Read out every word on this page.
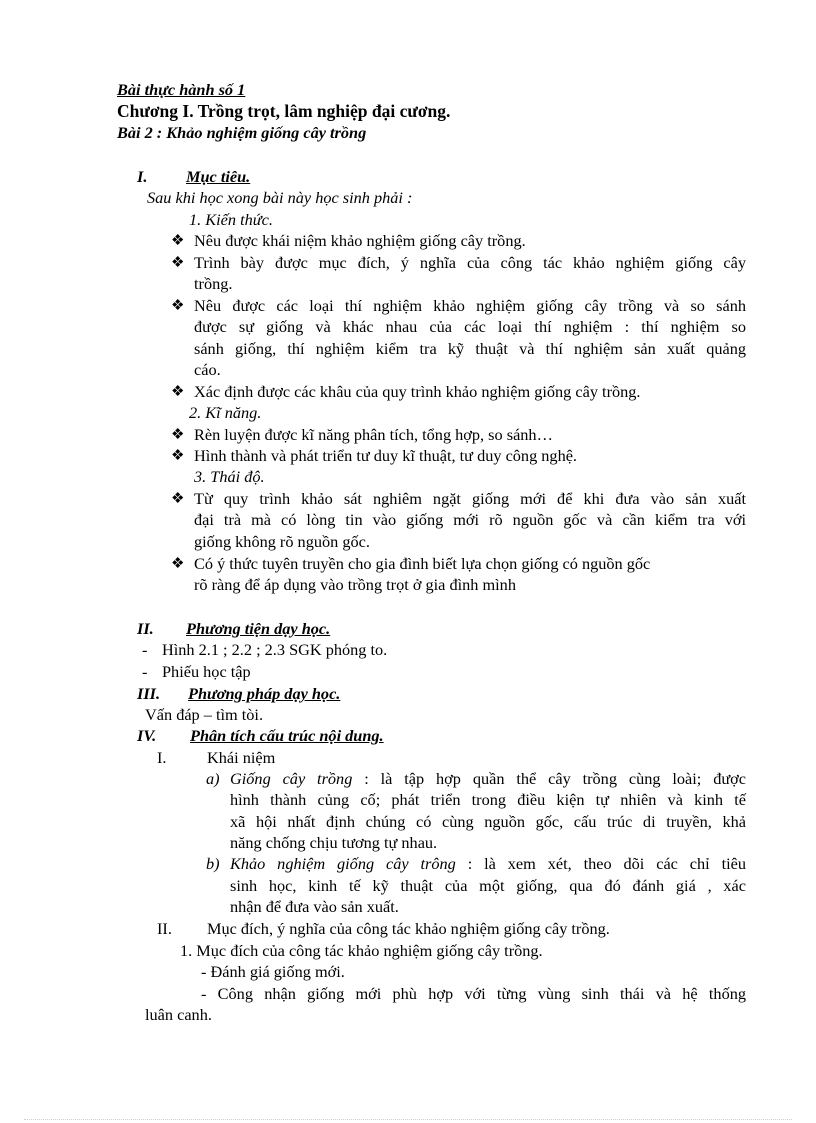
Bài thực hành số 1
Chương I. Trồng trọt, lâm nghiệp đại cương.
Bài 2 : Khảo nghiệm giống cây trồng
I. Mục tiêu.
Sau khi học xong bài này học sinh phải :
1. Kiến thức.
❖ Nêu được khái niệm khảo nghiệm giống cây trồng.
❖ Trình bày được mục đích, ý nghĩa của công tác khảo nghiệm giống cây
trồng.
❖ Nêu được các loại thí nghiệm khảo nghiệm giống cây trồng và so sánh
được sự giống và khác nhau của các loại thí nghiệm : thí nghiệm so
sánh giống, thí nghiệm kiểm tra kỹ thuật và thí nghiệm sản xuất quảng
cáo.
❖ Xác định được các khâu của quy trình khảo nghiệm giống cây trồng.
2. Kĩ năng.
❖ Rèn luyện được kĩ năng phân tích, tổng hợp, so sánh…
❖ Hình thành và phát triển tư duy kĩ thuật, tư duy công nghệ.
3. Thái độ.
❖ Từ quy trình khảo sát nghiêm ngặt giống mới để khi đưa vào sản xuất
đại trà mà có lòng tin vào giống mới rõ nguồn gốc và cần kiểm tra với
giống không rõ nguồn gốc.
❖ Có ý thức tuyên truyền cho gia đình biết lựa chọn giống có nguồn gốc
rõ ràng để áp dụng vào trồng trọt ở gia đình mình
II. Phương tiện dạy học.
- Hình 2.1 ; 2.2 ; 2.3 SGK phóng to.
- Phiếu học tập
III. Phương pháp dạy học.
Vấn đáp – tìm tòi.
IV. Phân tích cấu trúc nội dung.
I. Khái niệm
a) Giống cây trồng : là tập hợp quần thể cây trồng cùng loài; được
hình thành củng cố; phát triển trong điều kiện tự nhiên và kinh tế
xã hội nhất định chúng có cùng nguồn gốc, cấu trúc di truyền, khả
năng chống chịu tương tự nhau.
b) Khảo nghiệm giống cây trông : là xem xét, theo dõi các chỉ tiêu
sinh học, kinh tế kỹ thuật của một giống, qua đó đánh giá , xác
nhận để đưa vào sản xuất.
II. Mục đích, ý nghĩa của công tác khảo nghiệm giống cây trồng.
1. Mục đích của công tác khảo nghiệm giống cây trồng.
- Đánh giá giống mới.
- Công nhận giống mới phù hợp với từng vùng sinh thái và hệ thống
luân canh.
